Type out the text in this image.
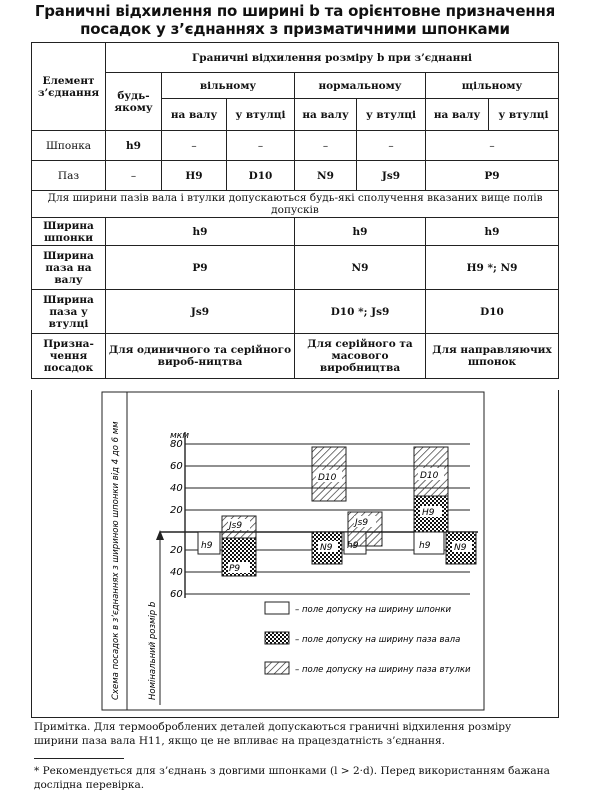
Граничні відхилення по ширині b та орієнтовне призначення
посадок у з’єднаннях з призматичними шпонками
Елемент з’єднання	Граничні відхилення розміру b при з’єднанні						
	будь-якому	вільному		нормальному		щільному	
		на валу	у втулці	на валу	у втулці	на валу	у втулці
Шпонка	h9	–	–	–	–	–	
Паз	–	H9	D10	N9	Js9	P9	
Для ширини пазів вала і втулки допускаються будь-які сполучення вказаних вище полів допусків							
Ширина шпонки	h9			h9		h9	
Ширина паза на валу	P9			N9		H9 *; N9	
Ширина паза у втулці	Js9			D10 *; Js9		D10	
Призна-чення посадок	Для одиничного та серійного вироб-ництва			Для серійного та масового виробництва		Для направляючих шпонок	
Схема посадок в з’єднаннях з шириною шпонки від 4 до 6 мм	Номінальний розмір b
мкм
80
60
40
20
20
40
60
h9
Js9
P9
D10
N9
Js9
D10
H9
h9	N9
– поле допуску на ширину шпонки
– поле допуску на ширину паза вала
– поле допуску на ширину паза втулки
Примітка. Для термооброблених деталей допускаються граничні відхилення розміру ширини паза вала H11, якщо це не впливає на працездатність з’єднання.
* Рекомендується для з’єднань з довгими шпонками (l > 2·d). Перед використанням бажана дослідна перевірка.
